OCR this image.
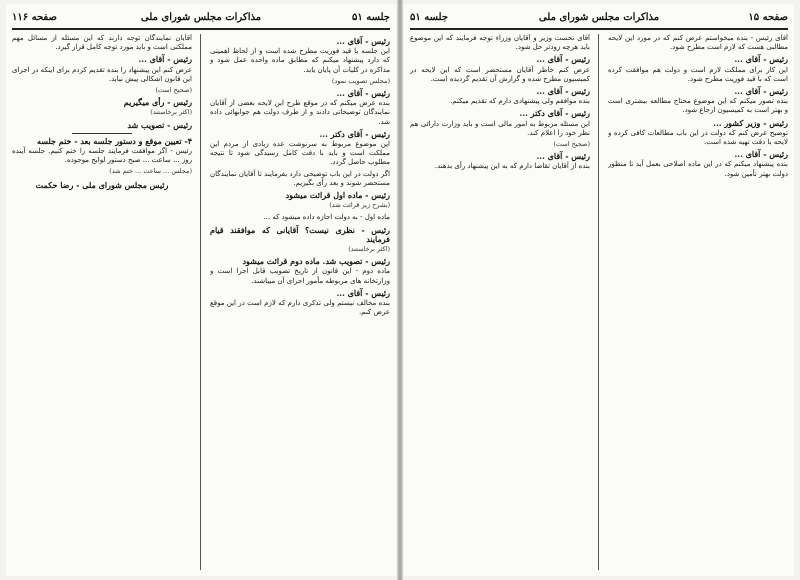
صفحه ۱۱۶	مذاکرات مجلس شورای ملی	جلسه ۵۱
رئیس - آقای ...
این جلسه با قید فوریت مطرح شده است و از لحاظ اهمیتی که دارد پیشنهاد میکنم که مطابق ماده واحده عمل شود و مذاکره در کلیات آن پایان یابد.
(مجلس تصویب نمود)
رئیس - آقای ...
بنده عرض میکنم که در موقع طرح این لایحه بعضی از آقایان نمایندگان توضیحاتی دادند و از طرف دولت هم جوابهائی داده شد.
رئیس - آقای دکتر ...
این موضوع مربوط به سرنوشت عده زیادی از مردم این مملکت است و باید با دقت کامل رسیدگی شود تا نتیجه مطلوب حاصل گردد.
اگر دولت در این باب توضیحی دارد بفرمایند تا آقایان نمایندگان مستحضر شوند و بعد رأی بگیریم.
رئیس - ماده اول قرائت میشود
(بشرح زیر قرائت شد)
ماده اول - به دولت اجازه داده میشود که ...
رئیس - نظری نیست؟ آقایانی که موافقند قیام فرمایند
(اکثر برخاستند)
رئیس - تصویب شد. ماده دوم قرائت میشود
ماده دوم - این قانون از تاریخ تصویب قابل اجرا است و وزارتخانه های مربوطه مأمور اجرای آن میباشند.
رئیس - آقای ...
بنده مخالف نیستم ولی تذکری دارم که لازم است در این موقع عرض کنم.
آقایان نمایندگان توجه دارند که این مسئله از مسائل مهم مملکتی است و باید مورد توجه کامل قرار گیرد.
رئیس - آقای ...
عرض کنم این پیشنهاد را بنده تقدیم کردم برای اینکه در اجرای این قانون اشکالی پیش نیاید.
(صحیح است)
رئیس - رأی میگیریم
(اکثر برخاستند)
رئیس - تصویب شد
۴- تعیین موقع و دستور جلسه بعد - ختم جلسه
رئیس - اگر موافقت فرمایند جلسه را ختم کنیم. جلسه آینده روز ... ساعت ... صبح دستور لوایح موجوده.
(مجلس ... ساعت ... ختم شد)
رئیس مجلس شورای ملی - رضا حکمت
جلسه ۵۱	مذاکرات مجلس شورای ملی	صفحه ۱۵
آقای رئیس - بنده میخواستم عرض کنم که در مورد این لایحه مطالبی هست که لازم است مطرح شود.
رئیس - آقای ...
این کار برای مملکت لازم است و دولت هم موافقت کرده است که با قید فوریت مطرح شود.
رئیس - آقای ...
بنده تصور میکنم که این موضوع محتاج مطالعه بیشتری است و بهتر است به کمیسیون ارجاع شود.
رئیس - وزیر کشور ...
توضیح عرض کنم که دولت در این باب مطالعات کافی کرده و لایحه با دقت تهیه شده است.
رئیس - آقای ...
بنده پیشنهاد میکنم که در این ماده اصلاحی بعمل آید تا منظور دولت بهتر تأمین شود.
آقای نخست وزیر و آقایان وزراء توجه فرمایند که این موضوع باید هرچه زودتر حل شود.
رئیس - آقای ...
عرض کنم خاطر آقایان مستحضر است که این لایحه در کمیسیون مطرح شده و گزارش آن تقدیم گردیده است.
رئیس - آقای ...
بنده موافقم ولی پیشنهادی دارم که تقدیم میکنم.
رئیس - آقای دکتر ...
این مسئله مربوط به امور مالی است و باید وزارت دارائی هم نظر خود را اعلام کند.
(صحیح است)
رئیس - آقای ...
بنده از آقایان تقاضا دارم که به این پیشنهاد رأی بدهند.
